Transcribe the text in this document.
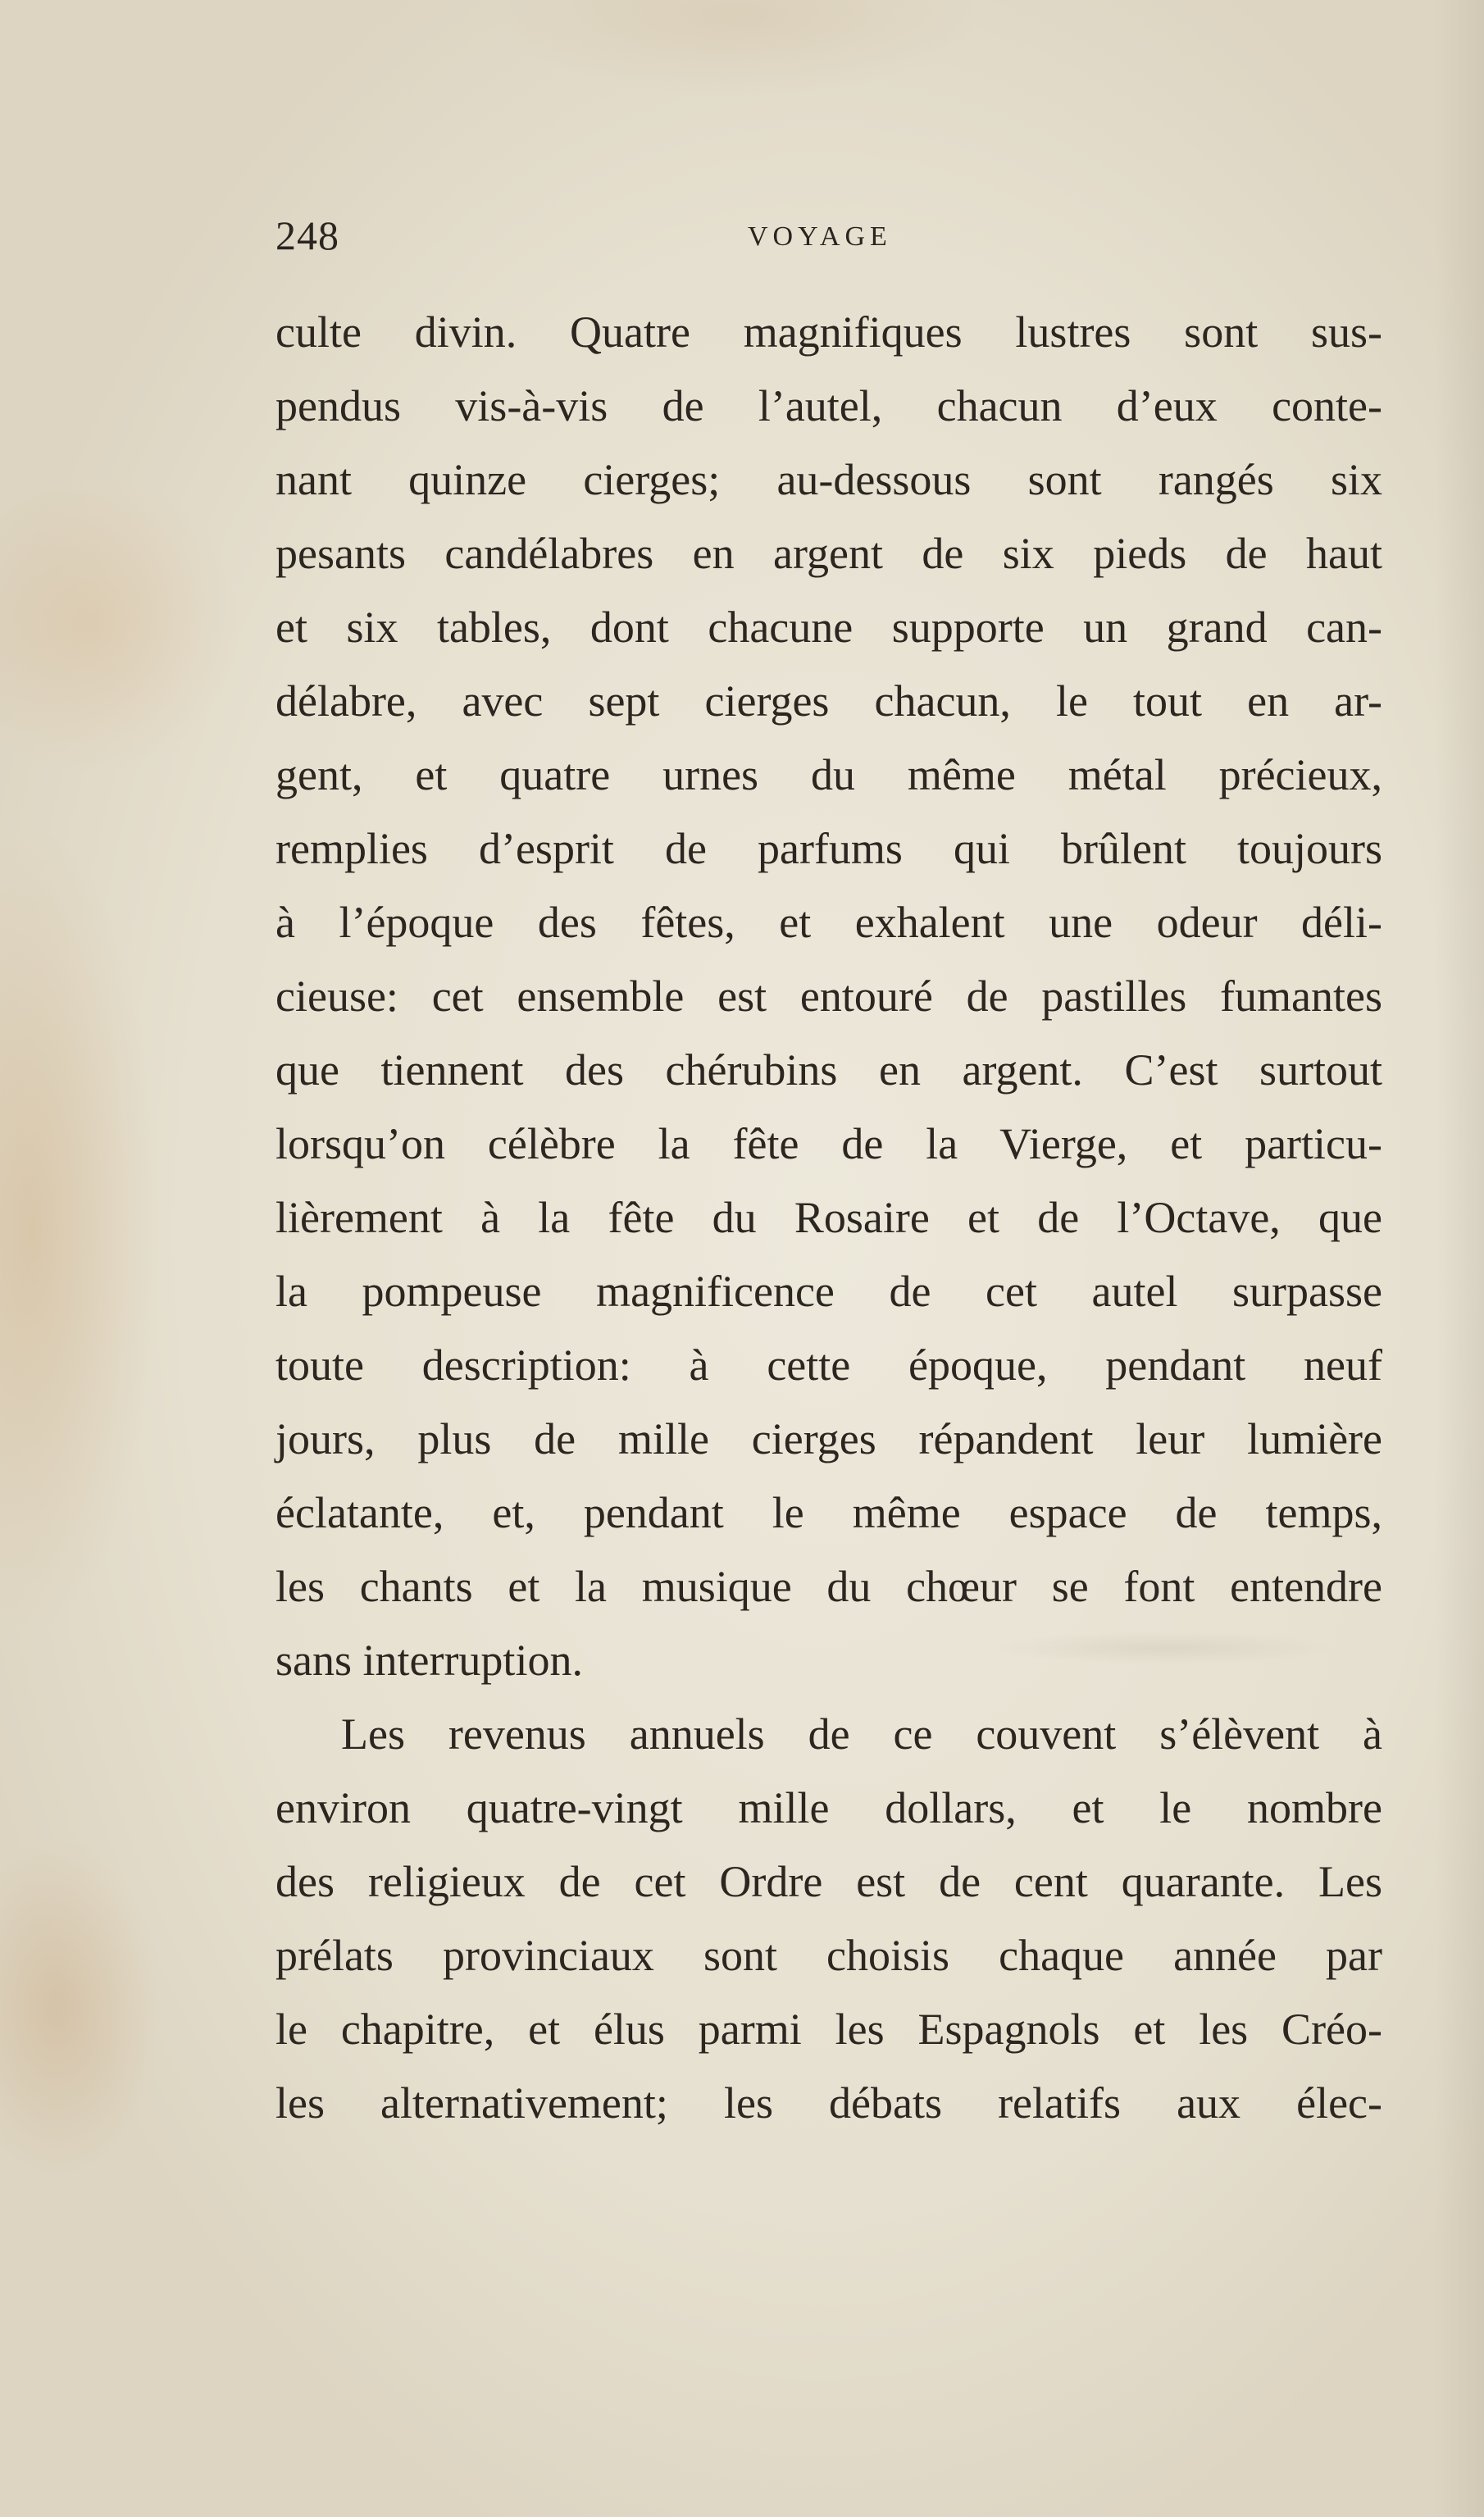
248	VOYAGE
culte divin. Quatre magnifiques lustres sont sus-
pendus vis-à-vis de l’autel, chacun d’eux conte-
nant quinze cierges; au-dessous sont rangés six
pesants candélabres en argent de six pieds de haut
et six tables, dont chacune supporte un grand can-
délabre, avec sept cierges chacun, le tout en ar-
gent, et quatre urnes du même métal précieux,
remplies d’esprit de parfums qui brûlent toujours
à l’époque des fêtes, et exhalent une odeur déli-
cieuse: cet ensemble est entouré de pastilles fumantes
que tiennent des chérubins en argent. C’est surtout
lorsqu’on célèbre la fête de la Vierge, et particu-
lièrement à la fête du Rosaire et de l’Octave, que
la pompeuse magnificence de cet autel surpasse
toute description: à cette époque, pendant neuf
jours, plus de mille cierges répandent leur lumière
éclatante, et, pendant le même espace de temps,
les chants et la musique du chœur se font entendre
sans interruption.
Les revenus annuels de ce couvent s’élèvent à
environ quatre-vingt mille dollars, et le nombre
des religieux de cet Ordre est de cent quarante. Les
prélats provinciaux sont choisis chaque année par
le chapitre, et élus parmi les Espagnols et les Créo-
les alternativement; les débats relatifs aux élec-
